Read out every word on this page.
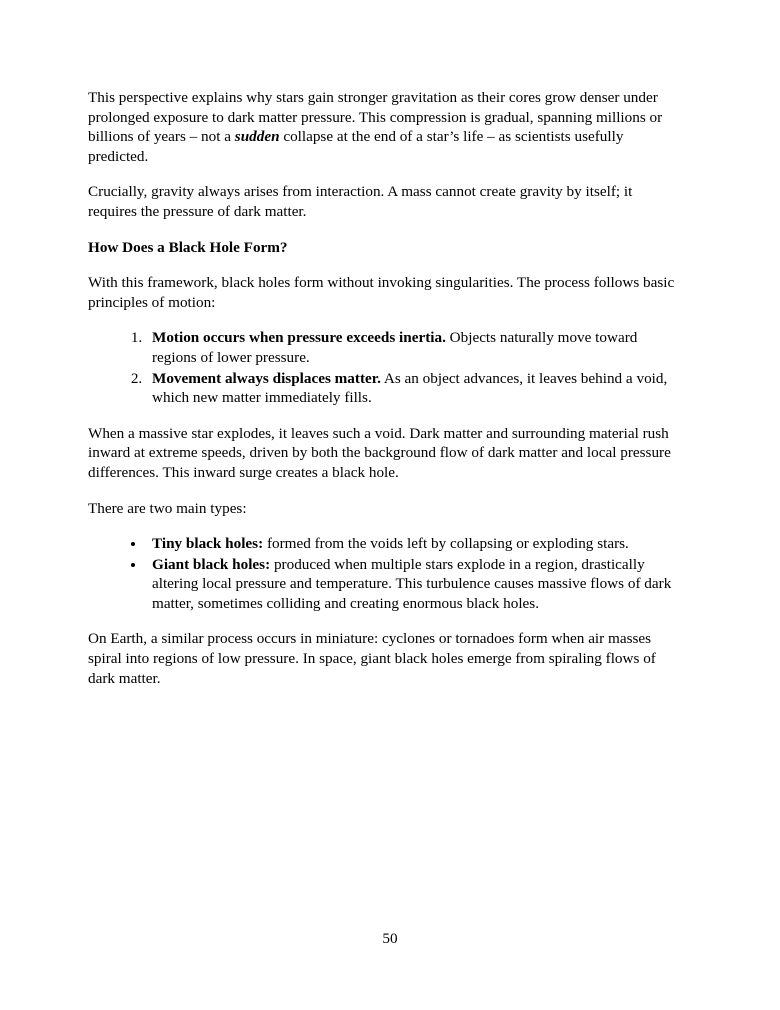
This perspective explains why stars gain stronger gravitation as their cores grow denser under prolonged exposure to dark matter pressure. This compression is gradual, spanning millions or billions of years – not a sudden collapse at the end of a star’s life – as scientists usefully predicted.

Crucially, gravity always arises from interaction. A mass cannot create gravity by itself; it requires the pressure of dark matter.

How Does a Black Hole Form?

With this framework, black holes form without invoking singularities. The process follows basic principles of motion:

1. Motion occurs when pressure exceeds inertia. Objects naturally move toward regions of lower pressure.
2. Movement always displaces matter. As an object advances, it leaves behind a void, which new matter immediately fills.

When a massive star explodes, it leaves such a void. Dark matter and surrounding material rush inward at extreme speeds, driven by both the background flow of dark matter and local pressure differences. This inward surge creates a black hole.

There are two main types:

• Tiny black holes: formed from the voids left by collapsing or exploding stars.
• Giant black holes: produced when multiple stars explode in a region, drastically altering local pressure and temperature. This turbulence causes massive flows of dark matter, sometimes colliding and creating enormous black holes.

On Earth, a similar process occurs in miniature: cyclones or tornadoes form when air masses spiral into regions of low pressure. In space, giant black holes emerge from spiraling flows of dark matter.

50
